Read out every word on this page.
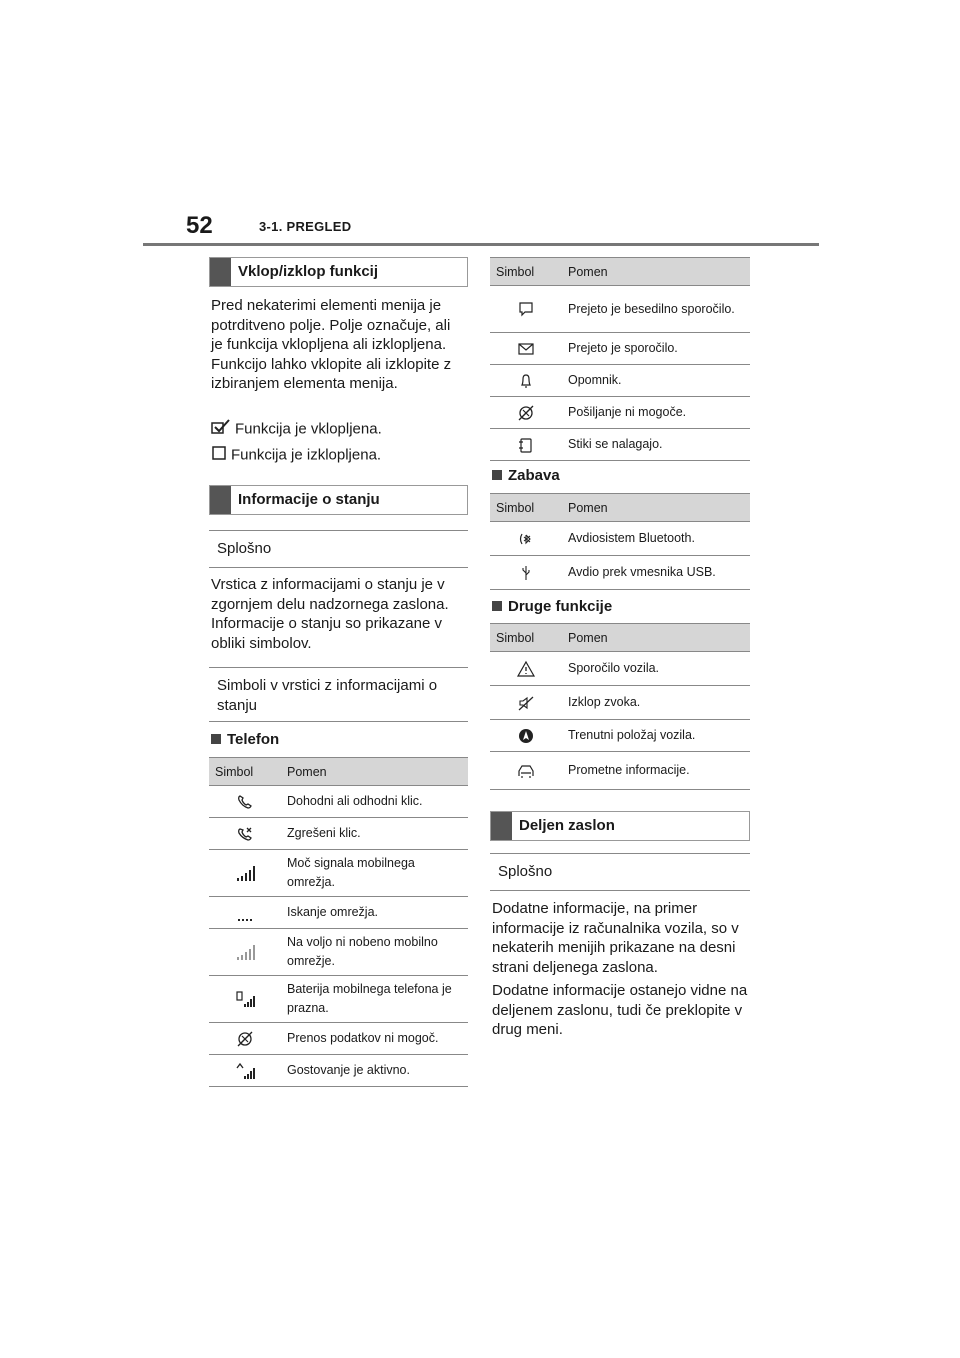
52	3-1. PREGLED
Vklop/izklop funkcij
Pred nekaterimi elementi menija je potrditveno polje. Polje označuje, ali je funkcija vklopljena ali izklopljena. Funkcijo lahko vklopite ali izklopite z izbiranjem elementa menija.
Funkcija je vklopljena.
Funkcija je izklopljena.
Informacije o stanju
Splošno
Vrstica z informacijami o stanju je v zgornjem delu nadzornega zaslona. Informacije o stanju so prikazane v obliki simbolov.
Simboli v vrstici z informacijami o stanju
Telefon
Simbol	Pomen
	Dohodni ali odhodni klic.
	Zgrešeni klic.
	Moč signala mobilnega omrežja.
	Iskanje omrežja.
	Na voljo ni nobeno mobilno omrežje.
	Baterija mobilnega telefona je prazna.
	Prenos podatkov ni mogoč.
	Gostovanje je aktivno.
Simbol	Pomen
	Prejeto je besedilno sporočilo.
	Prejeto je sporočilo.
	Opomnik.
	Pošiljanje ni mogoče.
	Stiki se nalagajo.
Zabava
Simbol	Pomen
	Avdiosistem Bluetooth.
	Avdio prek vmesnika USB.
Druge funkcije
Simbol	Pomen
	Sporočilo vozila.
	Izklop zvoka.
	Trenutni položaj vozila.
	Prometne informacije.
Deljen zaslon
Splošno
Dodatne informacije, na primer informacije iz računalnika vozila, so v nekaterih menijih prikazane na desni strani deljenega zaslona.
Dodatne informacije ostanejo vidne na deljenem zaslonu, tudi če preklopite v drug meni.
